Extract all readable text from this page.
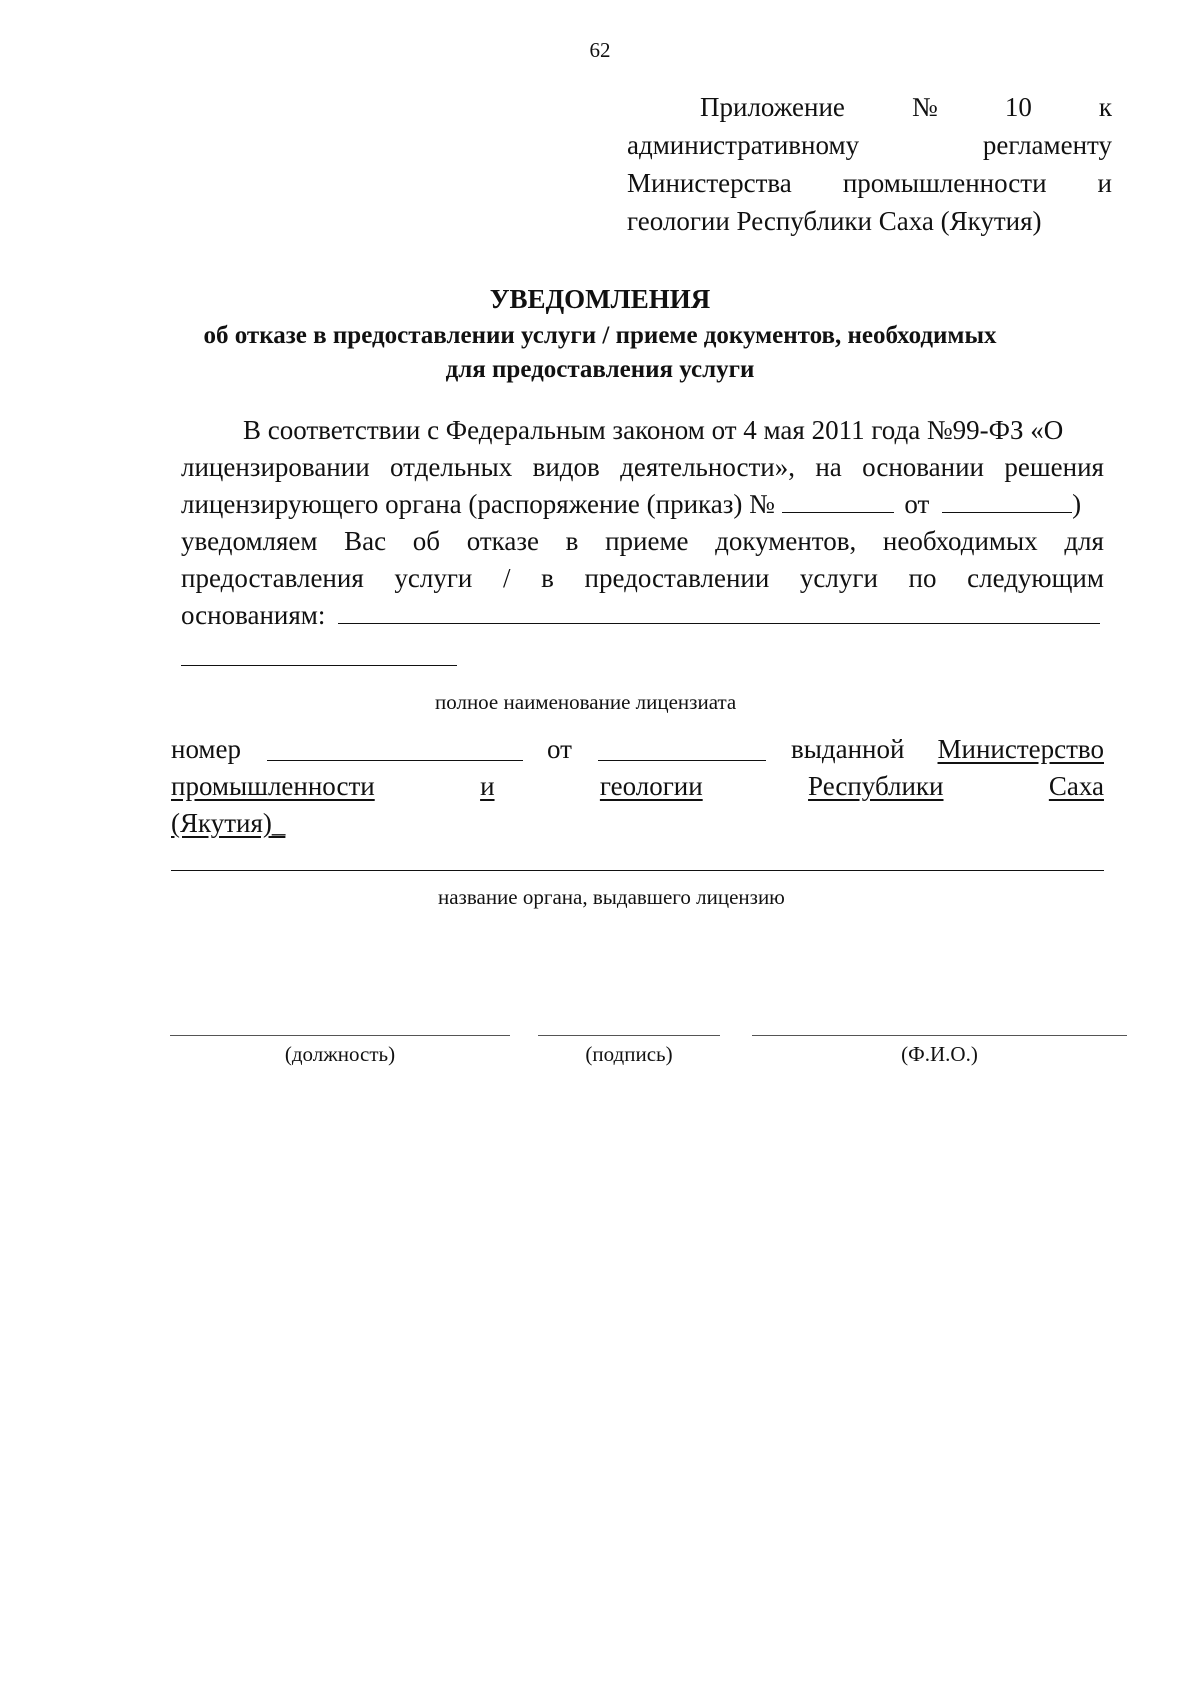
62
Приложение № 10 к
административному	регламенту
Министерства промышленности и
геологии Республики Саха (Якутия)
УВЕДОМЛЕНИЯ
об отказе в предоставлении услуги / приеме документов, необходимых
для предоставления услуги
В соответствии с Федеральным законом от 4 мая 2011 года №99-ФЗ «О
лицензировании отдельных видов деятельности», на основании решения
лицензирующего органа (распоряжение (приказ) №	от	)
уведомляем Вас об отказе в приеме документов, необходимых для
предоставления услуги / в предоставлении услуги по следующим
основаниям:
полное наименование лицензиата
номер	от	выданной Министерство
промышленности	и	геологии	Республики	Саха
(Якутия)_
название органа, выдавшего лицензию
(должность)	(подпись)	(Ф.И.О.)
